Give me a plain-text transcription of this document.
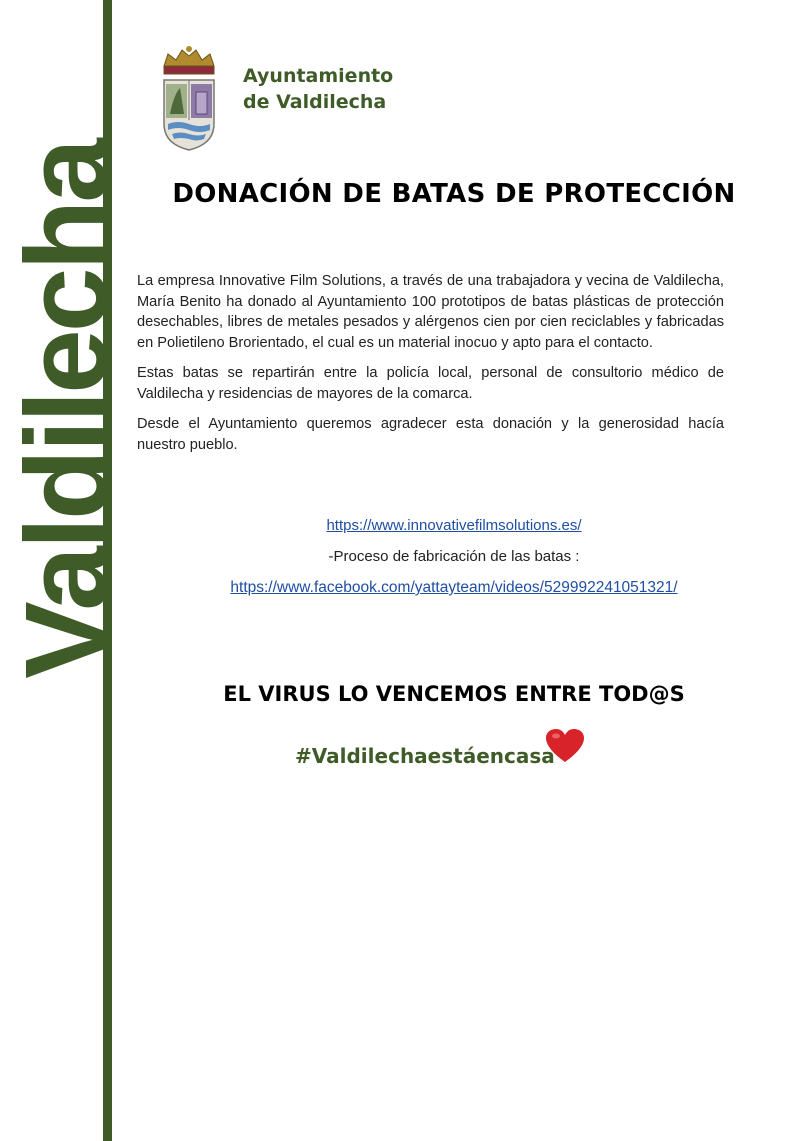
Valdilecha
Ayuntamiento
de Valdilecha
DONACIÓN DE BATAS DE PROTECCIÓN

La empresa Innovative Film Solutions, a través de una trabajadora y vecina de Valdilecha, María Benito ha donado al Ayuntamiento 100 prototipos de batas plásticas de protección desechables, libres de metales pesados y alérgenos cien por cien reciclables y fabricadas en Polietileno Brorientado, el cual es un material inocuo y apto para el contacto.

Estas batas se repartirán entre la policía local, personal de consultorio médico de Valdilecha y residencias de mayores de la comarca.

Desde el Ayuntamiento queremos agradecer esta donación y la generosidad hacía nuestro pueblo.

https://www.innovativefilmsolutions.es/
-Proceso de fabricación de las batas :
https://www.facebook.com/yattayteam/videos/529992241051321/
EL VIRUS LO VENCEMOS ENTRE TOD@S
#Valdilechaestáencasa
